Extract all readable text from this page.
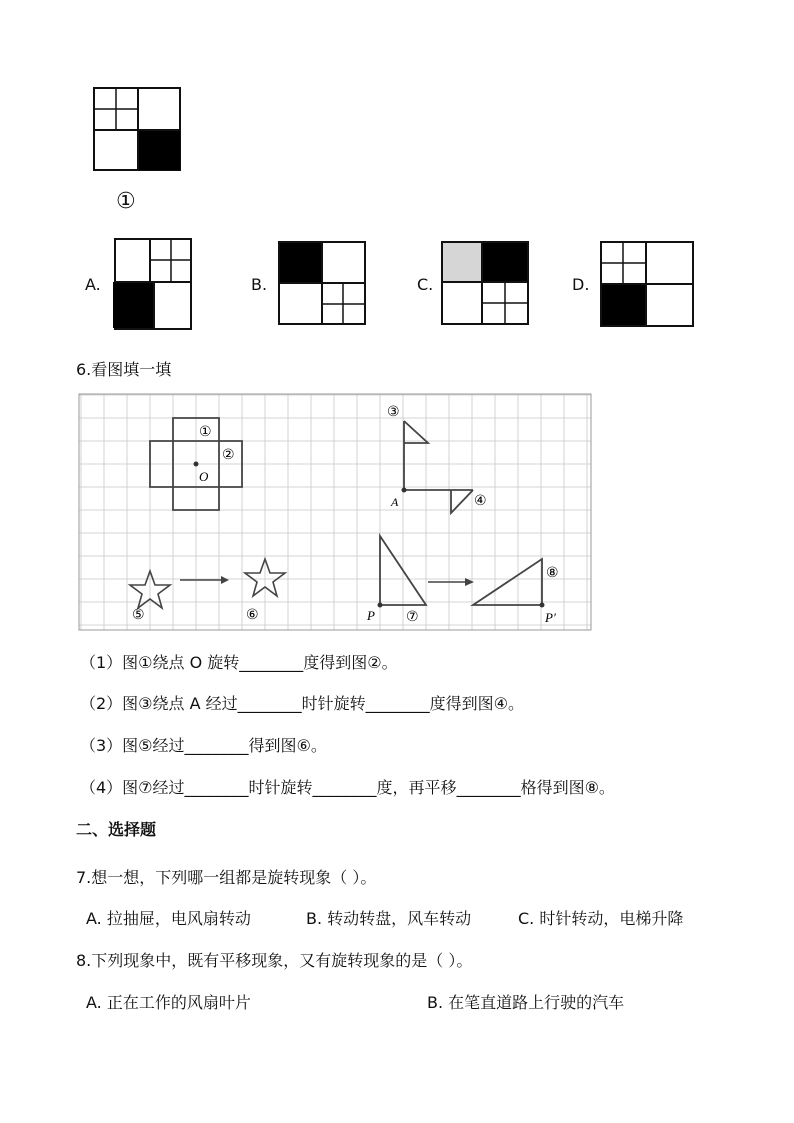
①
A.	B.	C.	D.
6.看图填一填
①
②
O
③
④
A
⑤	⑥	P ⑦
⑧
P′
（1）图①绕点 O 旋转________度得到图②。
（2）图③绕点 A 经过________时针旋转________度得到图④。
（3）图⑤经过________得到图⑥。
（4）图⑦经过________时针旋转________度，再平移________格得到图⑧。
二、选择题
7.想一想，下列哪一组都是旋转现象（ ）。
A. 拉抽屉，电风扇转动	B. 转动转盘，风车转动	C. 时针转动，电梯升降
8.下列现象中，既有平移现象，又有旋转现象的是（ ）。
A. 正在工作的风扇叶片	B. 在笔直道路上行驶的汽车
